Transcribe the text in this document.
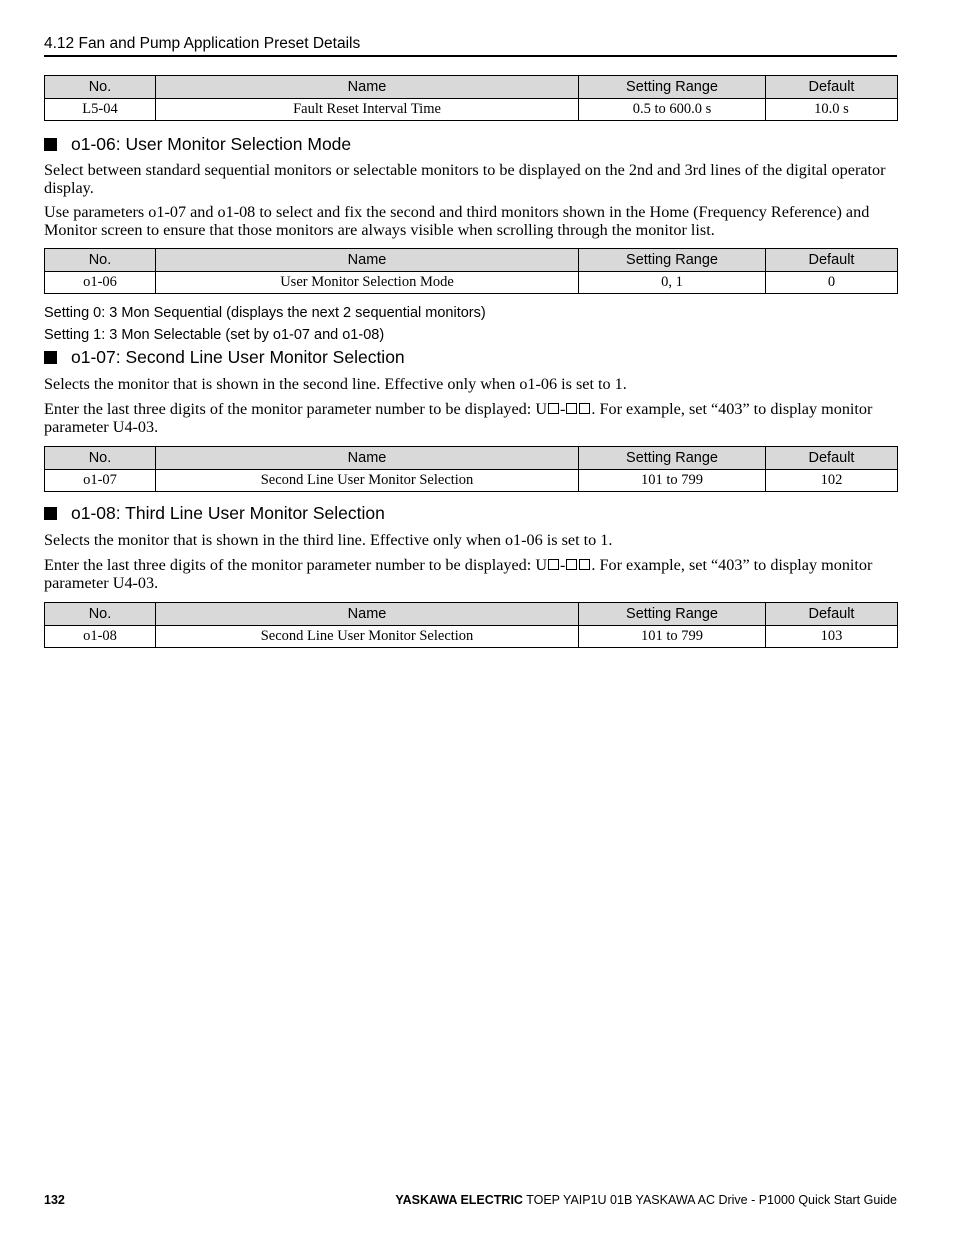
4.12 Fan and Pump Application Preset Details
No.	Name	Setting Range	Default
L5-04	Fault Reset Interval Time	0.5 to 600.0 s	10.0 s
o1-06: User Monitor Selection Mode
Select between standard sequential monitors or selectable monitors to be displayed on the 2nd and 3rd lines of the digital operator display.
Use parameters o1-07 and o1-08 to select and fix the second and third monitors shown in the Home (Frequency Reference) and Monitor screen to ensure that those monitors are always visible when scrolling through the monitor list.
No.	Name	Setting Range	Default
o1-06	User Monitor Selection Mode	0, 1	0
Setting 0: 3 Mon Sequential (displays the next 2 sequential monitors)
Setting 1: 3 Mon Selectable (set by o1-07 and o1-08)
o1-07: Second Line User Monitor Selection
Selects the monitor that is shown in the second line. Effective only when o1-06 is set to 1.
Enter the last three digits of the monitor parameter number to be displayed: U - . For example, set “403” to display monitor parameter U4-03.
No.	Name	Setting Range	Default
o1-07	Second Line User Monitor Selection	101 to 799	102
o1-08: Third Line User Monitor Selection
Selects the monitor that is shown in the third line. Effective only when o1-06 is set to 1.
Enter the last three digits of the monitor parameter number to be displayed: U - . For example, set “403” to display monitor parameter U4-03.
No.	Name	Setting Range	Default
o1-08	Second Line User Monitor Selection	101 to 799	103
132	YASKAWA ELECTRIC TOEP YAIP1U 01B YASKAWA AC Drive - P1000 Quick Start Guide
